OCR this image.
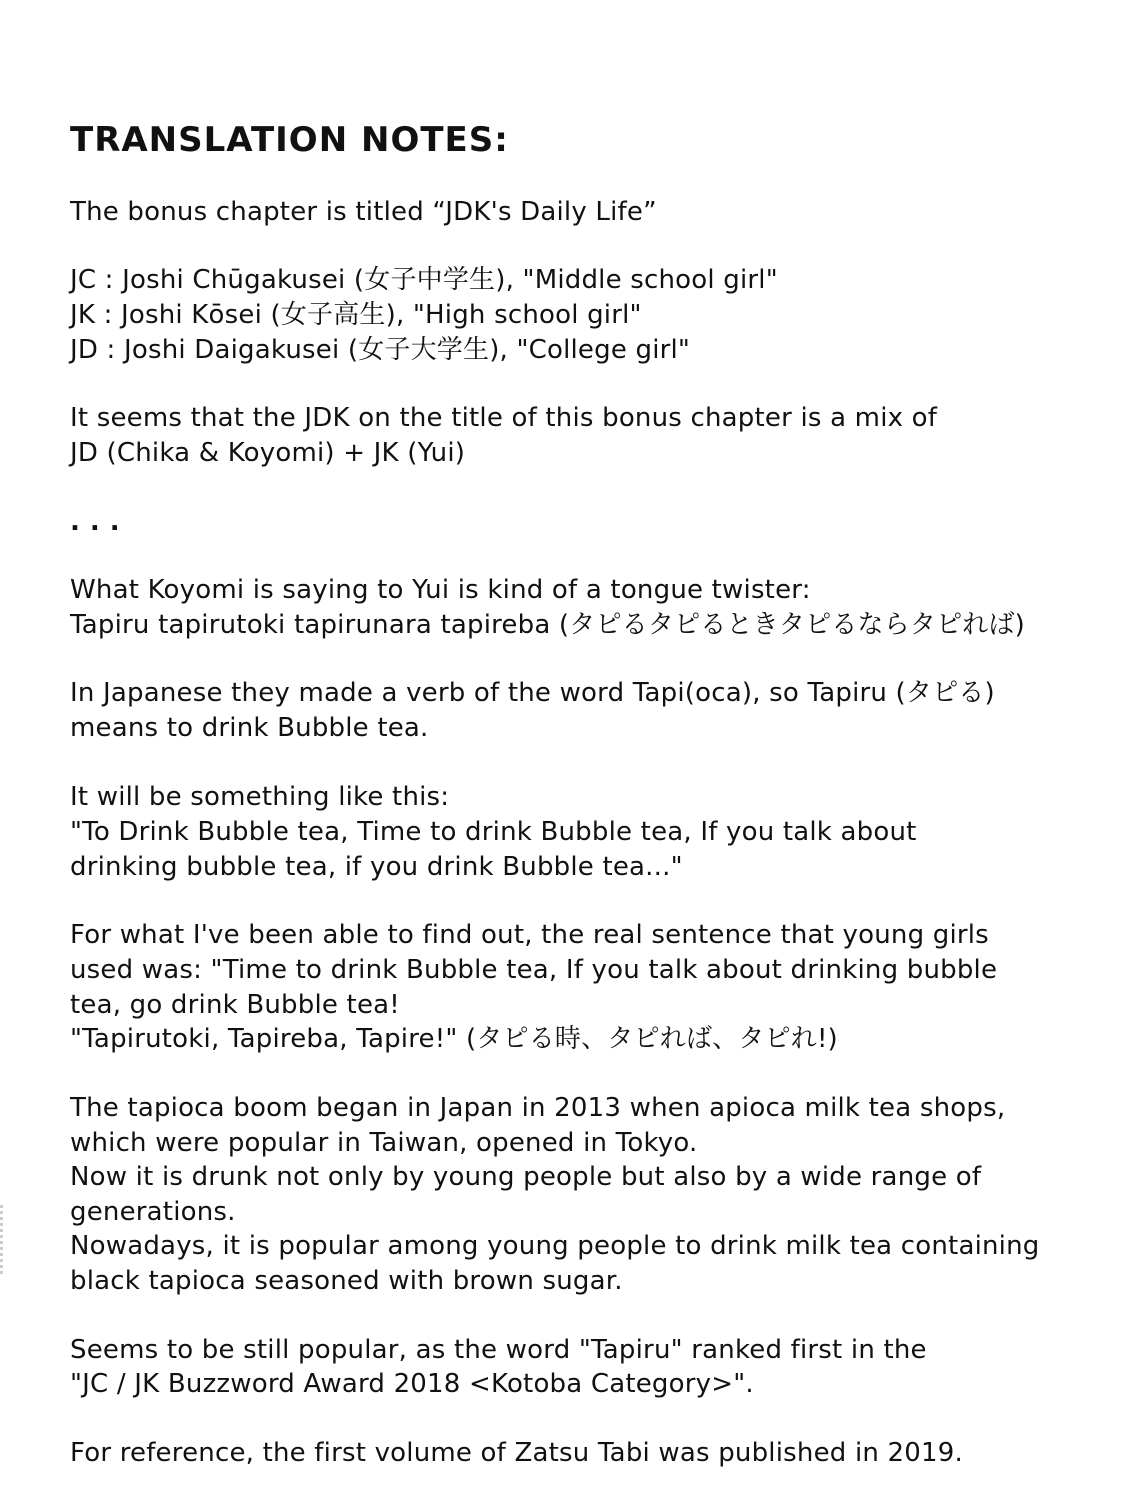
TRANSLATION NOTES:
The bonus chapter is titled “JDK's Daily Life”
JC : Joshi Chūgakusei (女子中学生), "Middle school girl"
JK : Joshi Kōsei (女子高生), "High school girl"
JD : Joshi Daigakusei (女子大学生), "College girl"
It seems that the JDK on the title of this bonus chapter is a mix of
JD (Chika & Koyomi) + JK (Yui)
...
What Koyomi is saying to Yui is kind of a tongue twister:
Tapiru tapirutoki tapirunara tapireba (タピるタピるときタピるならタピれば)
In Japanese they made a verb of the word Tapi(oca), so Tapiru (タピる)
means to drink Bubble tea.
It will be something like this:
"To Drink Bubble tea, Time to drink Bubble tea, If you talk about
drinking bubble tea, if you drink Bubble tea..."
For what I've been able to find out, the real sentence that young girls
used was: "Time to drink Bubble tea, If you talk about drinking bubble
tea, go drink Bubble tea!
"Tapirutoki, Tapireba, Tapire!" (タピる時、タピれば、タピれ!)
The tapioca boom began in Japan in 2013 when apioca milk tea shops,
which were popular in Taiwan, opened in Tokyo.
Now it is drunk not only by young people but also by a wide range of
generations.
Nowadays, it is popular among young people to drink milk tea containing
black tapioca seasoned with brown sugar.
Seems to be still popular, as the word "Tapiru" ranked first in the
"JC / JK Buzzword Award 2018 <Kotoba Category>".
For reference, the first volume of Zatsu Tabi was published in 2019.
